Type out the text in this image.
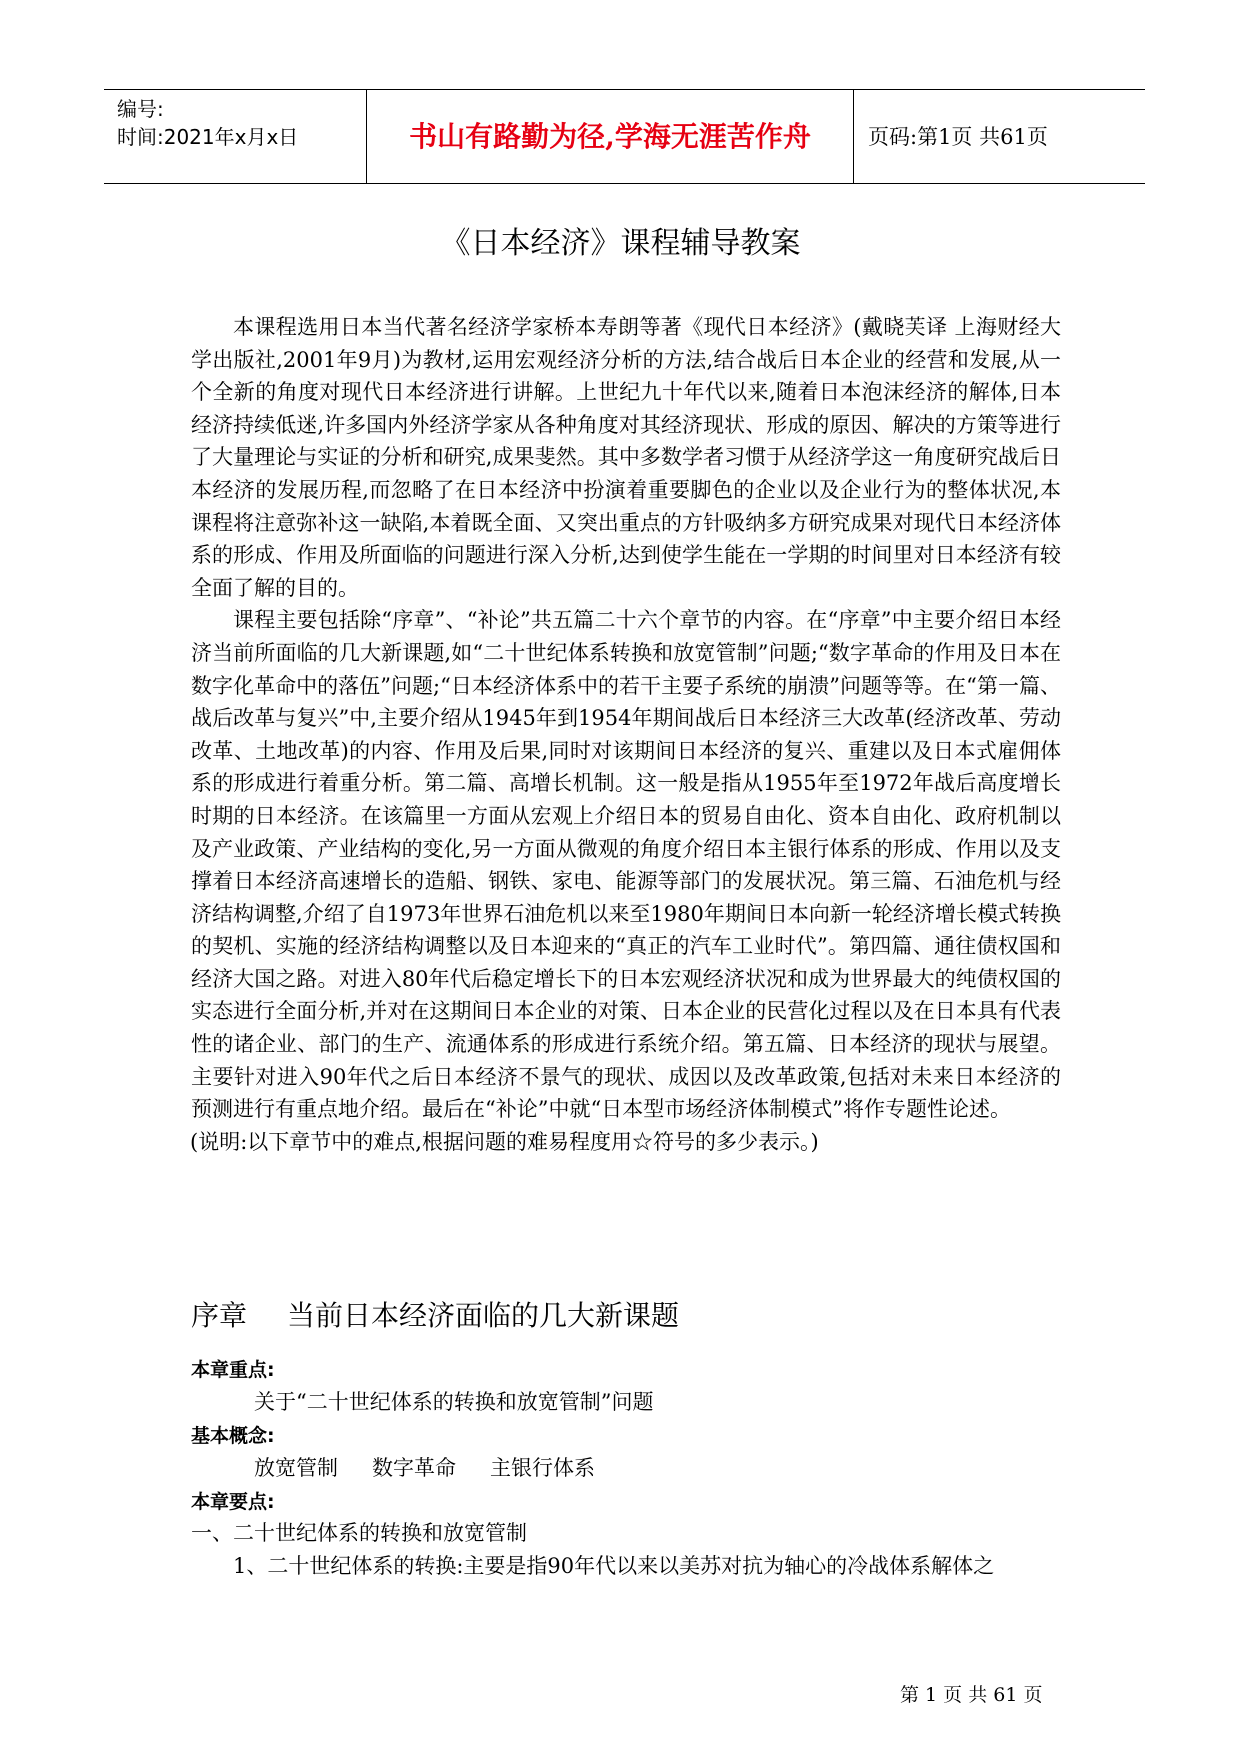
编号:
时间:2021年x月x日	书山有路勤为径,学海无涯苦作舟	页码:第1页 共61页
《日本经济》课程辅导教案

本课程选用日本当代著名经济学家桥本寿朗等著《现代日本经济》(戴晓芙译 上海财经大学出版社,2001年9月)为教材,运用宏观经济分析的方法,结合战后日本企业的经营和发展,从一个全新的角度对现代日本经济进行讲解。上世纪九十年代以来,随着日本泡沫经济的解体,日本经济持续低迷,许多国内外经济学家从各种角度对其经济现状、形成的原因、解决的方策等进行了大量理论与实证的分析和研究,成果斐然。其中多数学者习惯于从经济学这一角度研究战后日本经济的发展历程,而忽略了在日本经济中扮演着重要脚色的企业以及企业行为的整体状况,本课程将注意弥补这一缺陷,本着既全面、又突出重点的方针吸纳多方研究成果对现代日本经济体系的形成、作用及所面临的问题进行深入分析,达到使学生能在一学期的时间里对日本经济有较全面了解的目的。

课程主要包括除“序章”、“补论”共五篇二十六个章节的内容。在“序章”中主要介绍日本经济当前所面临的几大新课题,如“二十世纪体系转换和放宽管制”问题;“数字革命的作用及日本在数字化革命中的落伍”问题;“日本经济体系中的若干主要子系统的崩溃”问题等等。在“第一篇、战后改革与复兴”中,主要介绍从1945年到1954年期间战后日本经济三大改革(经济改革、劳动改革、土地改革)的内容、作用及后果,同时对该期间日本经济的复兴、重建以及日本式雇佣体系的形成进行着重分析。第二篇、高增长机制。这一般是指从1955年至1972年战后高度增长时期的日本经济。在该篇里一方面从宏观上介绍日本的贸易自由化、资本自由化、政府机制以及产业政策、产业结构的变化,另一方面从微观的角度介绍日本主银行体系的形成、作用以及支撑着日本经济高速增长的造船、钢铁、家电、能源等部门的发展状况。第三篇、石油危机与经济结构调整,介绍了自1973年世界石油危机以来至1980年期间日本向新一轮经济增长模式转换的契机、实施的经济结构调整以及日本迎来的“真正的汽车工业时代”。第四篇、通往债权国和经济大国之路。对进入80年代后稳定增长下的日本宏观经济状况和成为世界最大的纯债权国的实态进行全面分析,并对在这期间日本企业的对策、日本企业的民营化过程以及在日本具有代表性的诸企业、部门的生产、流通体系的形成进行系统介绍。第五篇、日本经济的现状与展望。主要针对进入90年代之后日本经济不景气的现状、成因以及改革政策,包括对未来日本经济的预测进行有重点地介绍。最后在“补论”中就“日本型市场经济体制模式”将作专题性论述。

(说明:以下章节中的难点,根据问题的难易程度用☆符号的多少表示。)

序章 当前日本经济面临的几大新课题
本章重点:
关于“二十世纪体系的转换和放宽管制”问题
基本概念:
放宽管制 数字革命 主银行体系
本章要点:
一、二十世纪体系的转换和放宽管制
1、二十世纪体系的转换:主要是指90年代以来以美苏对抗为轴心的冷战体系解体之
第 1 页 共 61 页
